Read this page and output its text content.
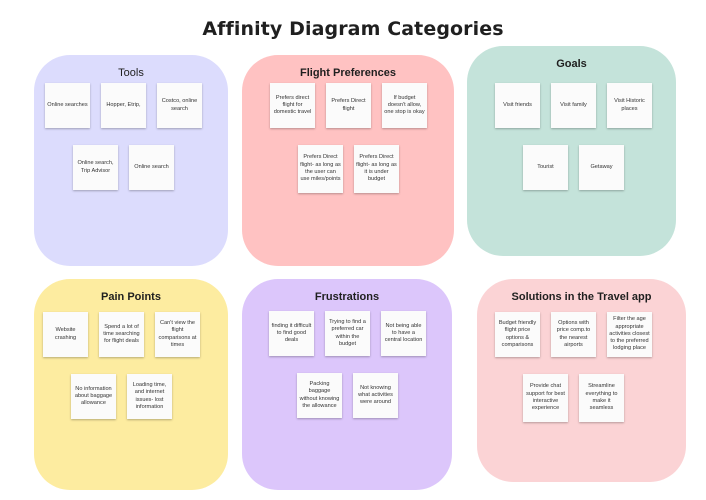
Affinity Diagram Categories
Tools
Online searches	Hopper, Etrip,
Costco, online search
Online search, Trip Advisor
Online search
Flight Preferences
Prefers direct flight for domestic travel
Prefers Direct flight
If budget doesn't allow, one stop is okay
Prefers Direct flight- as long as the user can use miles/points
Prefers Direct flight- as long as it is under budget
Goals
Visit friends	Visit family
Visit Historic places
Tourist	Getaway
Pain Points
Website crashing
Spend a lot of time searching for flight deals
Can't view the flight comparisons at times
No information about baggage allowance
Loading time, and internet issues- lost information
Frustrations
finding it difficult to find good deals
Trying to find a preferred car within the budget
Not being able to have a central location
Packing baggage without knowing the allowance
Not knowing what activities were around
Solutions in the Travel app
Budget friendly flight price options & comparisons
Options with price comp.to the nearest airports
Filter the age appropriate activities closest to the preferred lodging place
Provide chat support for best interactive experience
Streamline everything to make it seamless
